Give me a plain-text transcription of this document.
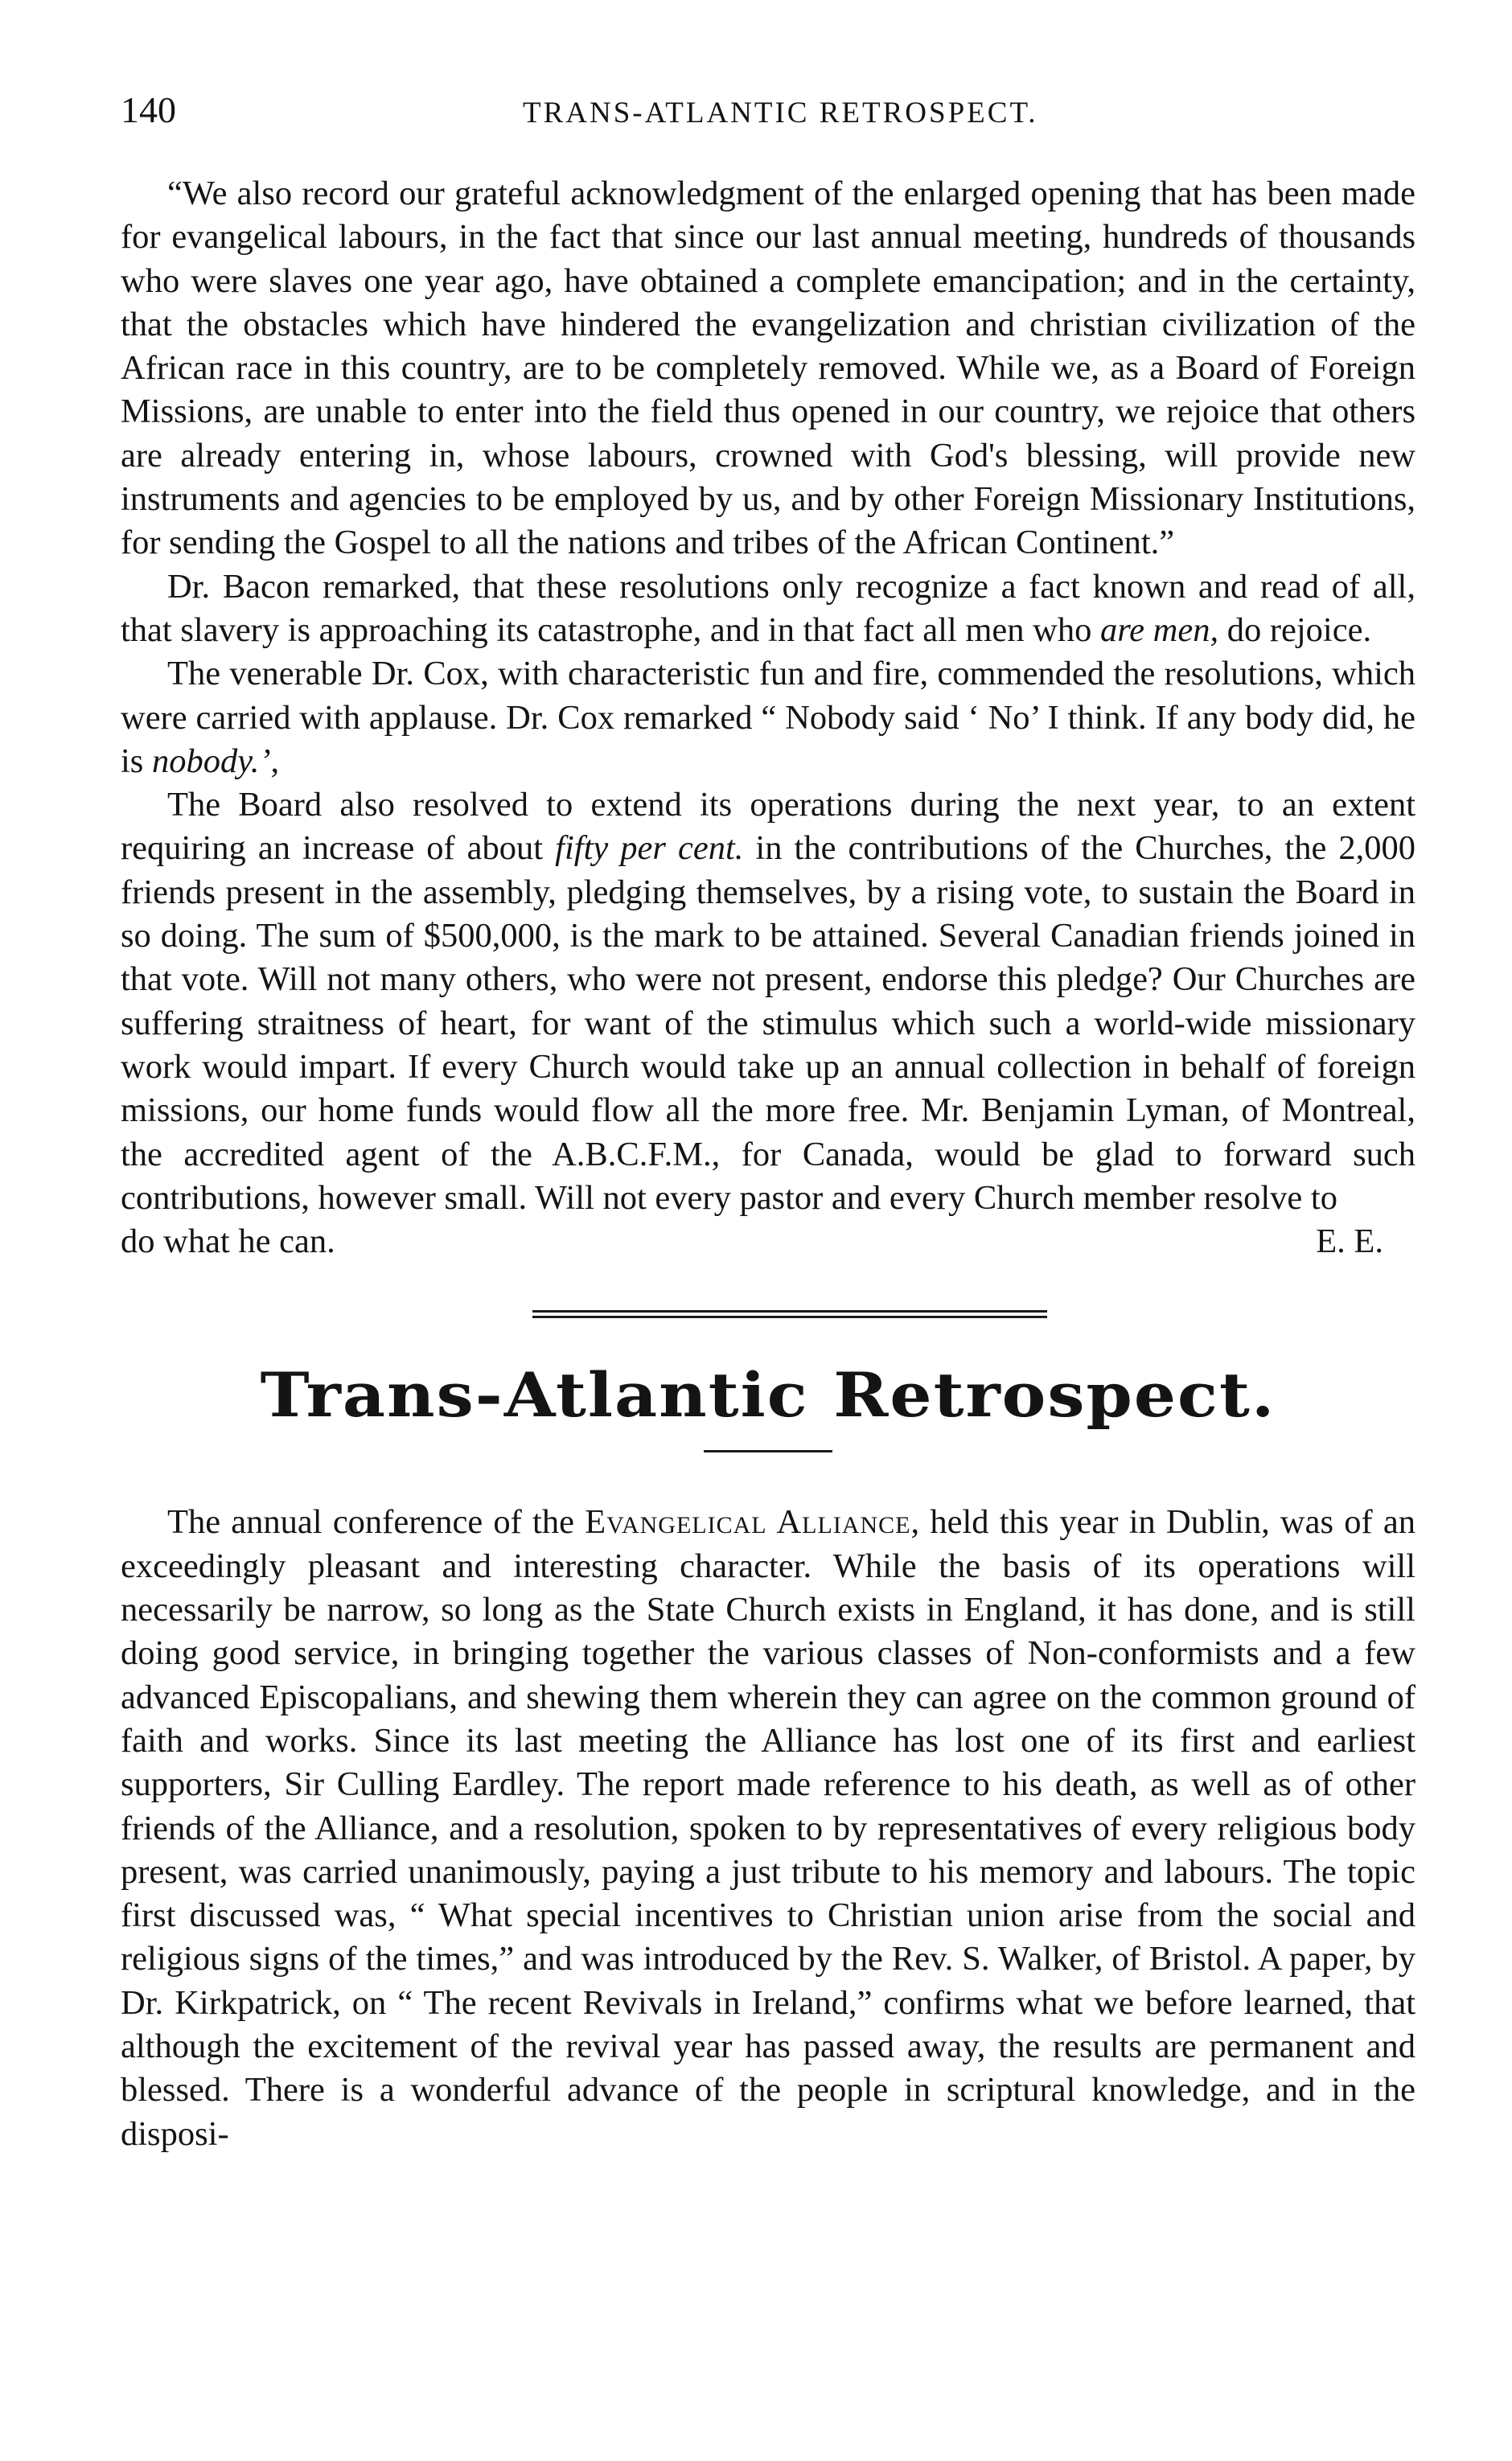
140	TRANS-ATLANTIC RETROSPECT.

“We also record our grateful acknowledgment of the enlarged opening that has been made for evangelical labours, in the fact that since our last annual meeting, hundreds of thousands who were slaves one year ago, have obtained a complete emancipation; and in the certainty, that the obstacles which have hindered the evangelization and christian civilization of the African race in this country, are to be completely removed. While we, as a Board of Foreign Missions, are unable to enter into the field thus opened in our country, we rejoice that others are already entering in, whose labours, crowned with God's blessing, will provide new instruments and agencies to be employed by us, and by other Foreign Missionary Institutions, for sending the Gospel to all the nations and tribes of the African Continent.”

Dr. Bacon remarked, that these resolutions only recognize a fact known and read of all, that slavery is approaching its catastrophe, and in that fact all men who are men, do rejoice.

The venerable Dr. Cox, with characteristic fun and fire, commended the resolutions, which were carried with applause. Dr. Cox remarked “ Nobody said ‘ No’ I think. If any body did, he is nobody.’,

The Board also resolved to extend its operations during the next year, to an extent requiring an increase of about fifty per cent. in the contributions of the Churches, the 2,000 friends present in the assembly, pledging themselves, by a rising vote, to sustain the Board in so doing. The sum of $500,000, is the mark to be attained. Several Canadian friends joined in that vote. Will not many others, who were not present, endorse this pledge? Our Churches are suffering straitness of heart, for want of the stimulus which such a world-wide missionary work would impart. If every Church would take up an annual collection in behalf of foreign missions, our home funds would flow all the more free. Mr. Benjamin Lyman, of Montreal, the accredited agent of the A.B.C.F.M., for Canada, would be glad to forward such contributions, however small. Will not every pastor and every Church member resolve to

do what he can.	E. E.
Trans-Atlantic Retrospect.

The annual conference of the Evangelical Alliance, held this year in Dublin, was of an exceedingly pleasant and interesting character. While the basis of its operations will necessarily be narrow, so long as the State Church exists in England, it has done, and is still doing good service, in bringing together the various classes of Non-conformists and a few advanced Episcopalians, and shewing them wherein they can agree on the common ground of faith and works. Since its last meeting the Alliance has lost one of its first and earliest supporters, Sir Culling Eardley. The report made reference to his death, as well as of other friends of the Alliance, and a resolution, spoken to by representatives of every religious body present, was carried unanimously, paying a just tribute to his memory and labours. The topic first discussed was, “ What special incentives to Christian union arise from the social and religious signs of the times,” and was introduced by the Rev. S. Walker, of Bristol. A paper, by Dr. Kirkpatrick, on “ The recent Revivals in Ireland,” confirms what we before learned, that although the excitement of the revival year has passed away, the results are permanent and blessed. There is a wonderful advance of the people in scriptural knowledge, and in the disposi-
